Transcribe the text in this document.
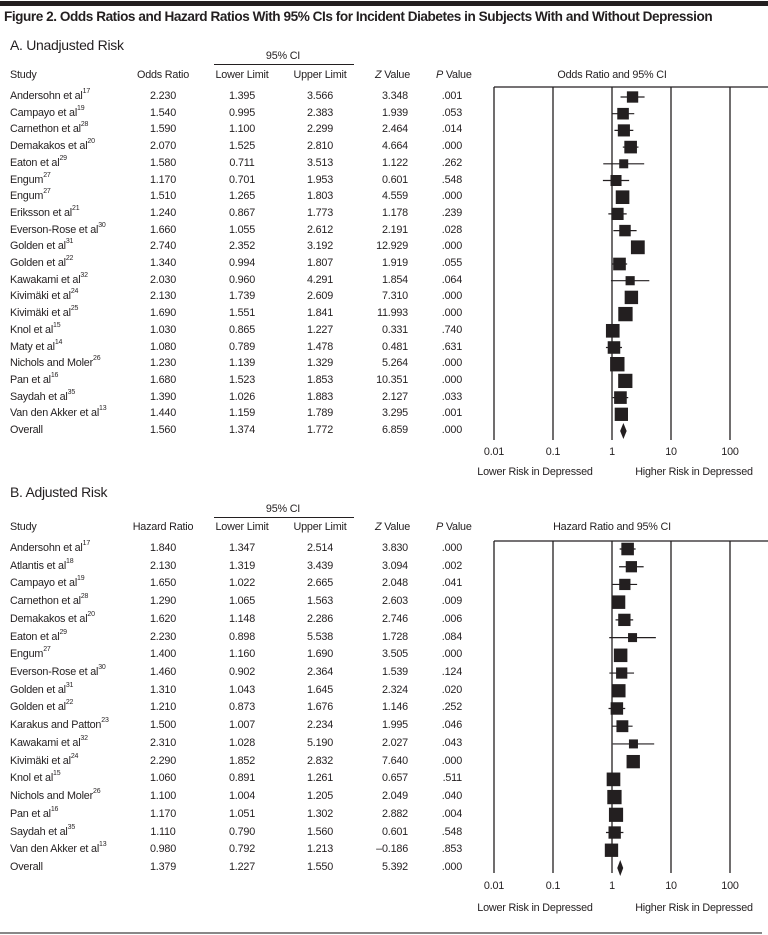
Figure 2. Odds Ratios and Hazard Ratios With 95% CIs for Incident Diabetes in Subjects With and Without Depression
A. Unadjusted Risk
95% CI
Study	Odds Ratio Lower Limit Upper Limit	Z Value P Value	Odds Ratio and 95% CI
0.01	0.1	1	10	100
Lower Risk in Depressed	Higher Risk in Depressed
Andersohn et $al^{17}$	2.230	1.395	3.566	3.348	.001
Campayo et $al^{19}$	1.540	0.995	2.383	1.939	.053
Carnethon et $al^{28}$	1.590	1.100	2.299	2.464	.014
Demakakos et $al^{20}$	2.070	1.525	2.810	4.664	.000
Eaton et $al^{29}$	1.580	0.711	3.513	1.122	.262
Engum$^{27}$	1.170	0.701	1.953	0.601	.548
Engum$^{27}$	1.510	1.265	1.803	4.559	.000
Eriksson et $al^{21}$	1.240	0.867	1.773	1.178	.239
Everson-Rose et $al^{30}$	1.660	1.055	2.612	2.191	.028
Golden et $al^{31}$	2.740	2.352	3.192	12.929	.000
Golden et $al^{22}$	1.340	0.994	1.807	1.919	.055
Kawakami et $al^{32}$	2.030	0.960	4.291	1.854	.064
Kivimäki et $al^{24}$	2.130	1.739	2.609	7.310	.000
Kivimäki et $al^{25}$	1.690	1.551	1.841	11.993	.000
Knol et $al^{15}$	1.030	0.865	1.227	0.331	.740
Maty et $al^{14}$	1.080	0.789	1.478	0.481	.631
Nichols and Moler$^{26}$	1.230	1.139	1.329	5.264	.000
Pan et $al^{16}$	1.680	1.523	1.853	10.351	.000
Saydah et $al^{35}$	1.390	1.026	1.883	2.127	.033
Van den Akker et $al^{13}$	1.440	1.159	1.789	3.295	.001
Overall	1.560	1.374	1.772	6.859	.000
B. Adjusted Risk
95% CI
Study	Hazard Ratio Lower Limit Upper Limit	Z Value P Value	Hazard Ratio and 95% CI
0.01	0.1	1	10	100
Lower Risk in Depressed	Higher Risk in Depressed
Andersohn et $al^{17}$	1.840	1.347	2.514	3.830	.000
Atlantis et $al^{18}$	2.130	1.319	3.439	3.094	.002
Campayo et $al^{19}$	1.650	1.022	2.665	2.048	.041
Carnethon et $al^{28}$	1.290	1.065	1.563	2.603	.009
Demakakos et $al^{20}$	1.620	1.148	2.286	2.746	.006
Eaton et $al^{29}$	2.230	0.898	5.538	1.728	.084
Engum$^{27}$	1.400	1.160	1.690	3.505	.000
Everson-Rose et $al^{30}$	1.460	0.902	2.364	1.539	.124
Golden et $al^{31}$	1.310	1.043	1.645	2.324	.020
Golden et $al^{22}$	1.210	0.873	1.676	1.146	.252
Karakus and Patton$^{23}$	1.500	1.007	2.234	1.995	.046
Kawakami et $al^{32}$	2.310	1.028	5.190	2.027	.043
Kivimäki et $al^{24}$	2.290	1.852	2.832	7.640	.000
Knol et $al^{15}$	1.060	0.891	1.261	0.657	.511
Nichols and Moler$^{26}$	1.100	1.004	1.205	2.049	.040
Pan et $al^{16}$	1.170	1.051	1.302	2.882	.004
Saydah et $al^{35}$	1.110	0.790	1.560	0.601	.548
Van den Akker et $al^{13}$	0.980	0.792	1.213	–0.186	.853
Overall	1.379	1.227	1.550	5.392	.000
